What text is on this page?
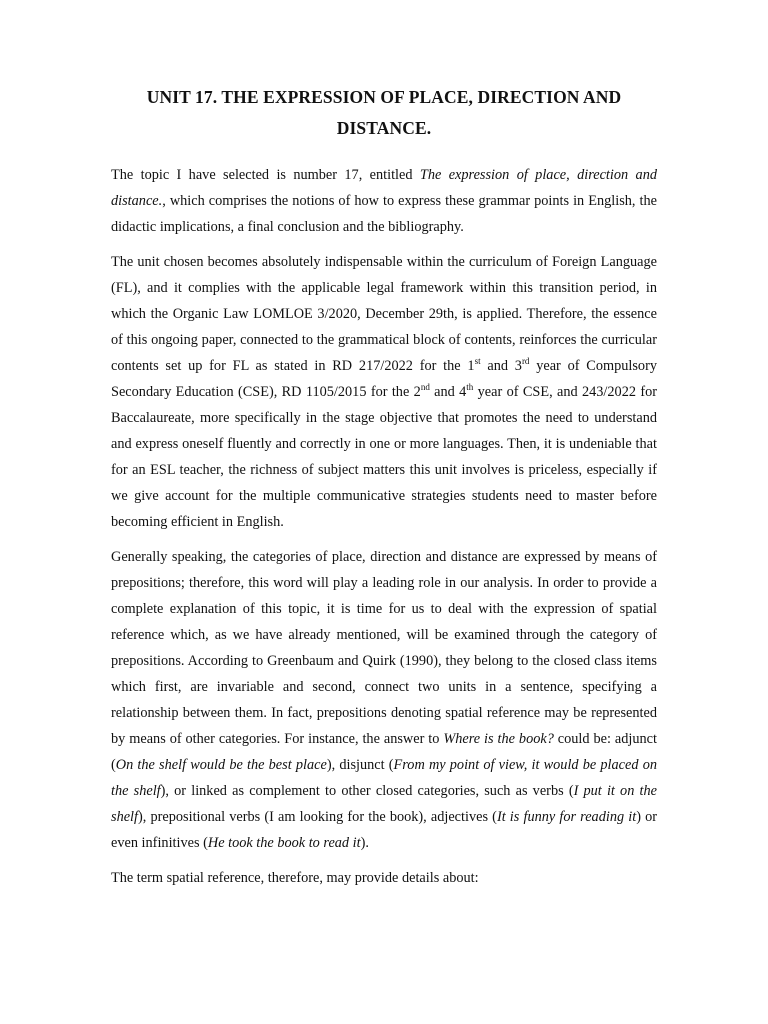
UNIT 17. THE EXPRESSION OF PLACE, DIRECTION AND DISTANCE.

The topic I have selected is number 17, entitled The expression of place, direction and distance., which comprises the notions of how to express these grammar points in English, the didactic implications, a final conclusion and the bibliography.

The unit chosen becomes absolutely indispensable within the curriculum of Foreign Language (FL), and it complies with the applicable legal framework within this transition period, in which the Organic Law LOMLOE 3/2020, December 29th, is applied. Therefore, the essence of this ongoing paper, connected to the grammatical block of contents, reinforces the curricular contents set up for FL as stated in RD 217/2022 for the 1st and 3rd year of Compulsory Secondary Education (CSE), RD 1105/2015 for the 2nd and 4th year of CSE, and 243/2022 for Baccalaureate, more specifically in the stage objective that promotes the need to understand and express oneself fluently and correctly in one or more languages. Then, it is undeniable that for an ESL teacher, the richness of subject matters this unit involves is priceless, especially if we give account for the multiple communicative strategies students need to master before becoming efficient in English.

Generally speaking, the categories of place, direction and distance are expressed by means of prepositions; therefore, this word will play a leading role in our analysis. In order to provide a complete explanation of this topic, it is time for us to deal with the expression of spatial reference which, as we have already mentioned, will be examined through the category of prepositions. According to Greenbaum and Quirk (1990), they belong to the closed class items which first, are invariable and second, connect two units in a sentence, specifying a relationship between them. In fact, prepositions denoting spatial reference may be represented by means of other categories. For instance, the answer to Where is the book? could be: adjunct (On the shelf would be the best place), disjunct (From my point of view, it would be placed on the shelf), or linked as complement to other closed categories, such as verbs (I put it on the shelf), prepositional verbs (I am looking for the book), adjectives (It is funny for reading it) or even infinitives (He took the book to read it).

The term spatial reference, therefore, may provide details about:
